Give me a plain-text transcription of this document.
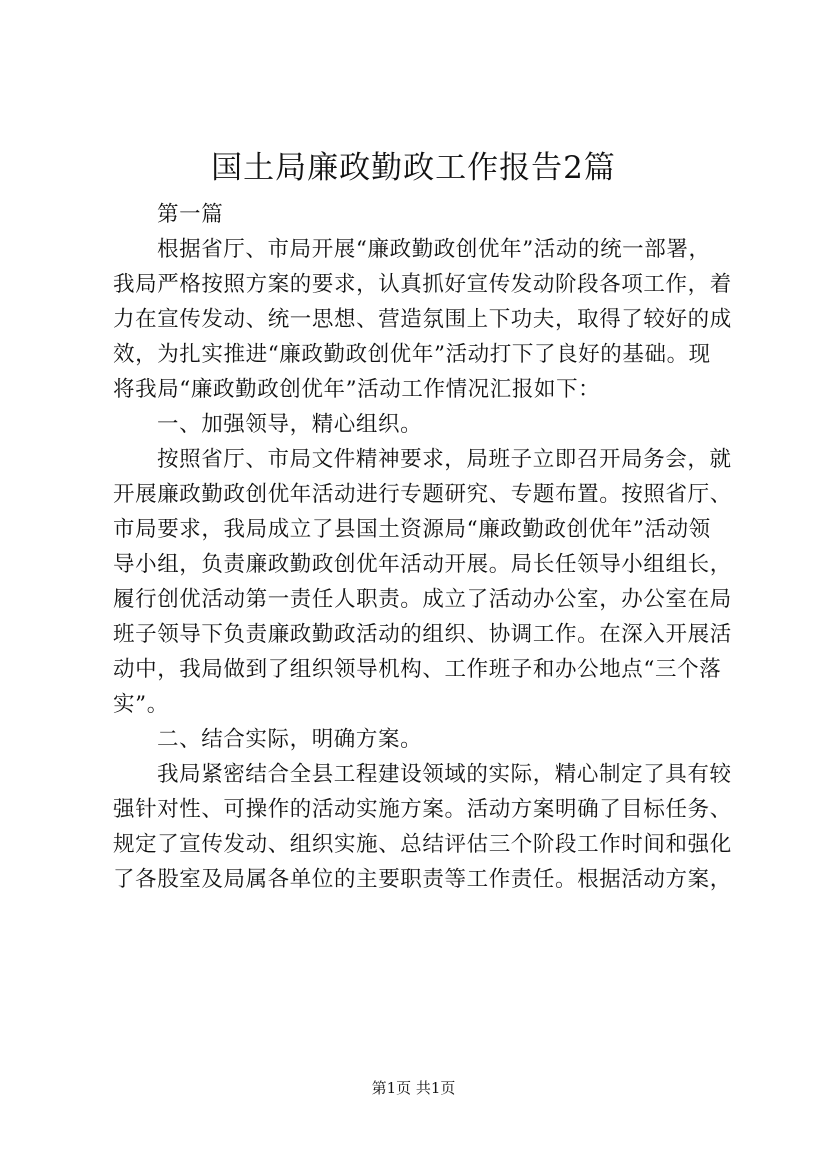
国土局廉政勤政工作报告2篇
第一篇
根据省厅、市局开展“廉政勤政创优年”活动的统一部署，
我局严格按照方案的要求，认真抓好宣传发动阶段各项工作，着
力在宣传发动、统一思想、营造氛围上下功夫，取得了较好的成
效，为扎实推进“廉政勤政创优年”活动打下了良好的基础。现
将我局“廉政勤政创优年”活动工作情况汇报如下：
一、加强领导，精心组织。
按照省厅、市局文件精神要求，局班子立即召开局务会，就
开展廉政勤政创优年活动进行专题研究、专题布置。按照省厅、
市局要求，我局成立了县国土资源局“廉政勤政创优年”活动领
导小组，负责廉政勤政创优年活动开展。局长任领导小组组长，
履行创优活动第一责任人职责。成立了活动办公室，办公室在局
班子领导下负责廉政勤政活动的组织、协调工作。在深入开展活
动中，我局做到了组织领导机构、工作班子和办公地点“三个落
实”。
二、结合实际，明确方案。
我局紧密结合全县工程建设领域的实际，精心制定了具有较
强针对性、可操作的活动实施方案。活动方案明确了目标任务、
规定了宣传发动、组织实施、总结评估三个阶段工作时间和强化
了各股室及局属各单位的主要职责等工作责任。根据活动方案，
第1页 共1页
